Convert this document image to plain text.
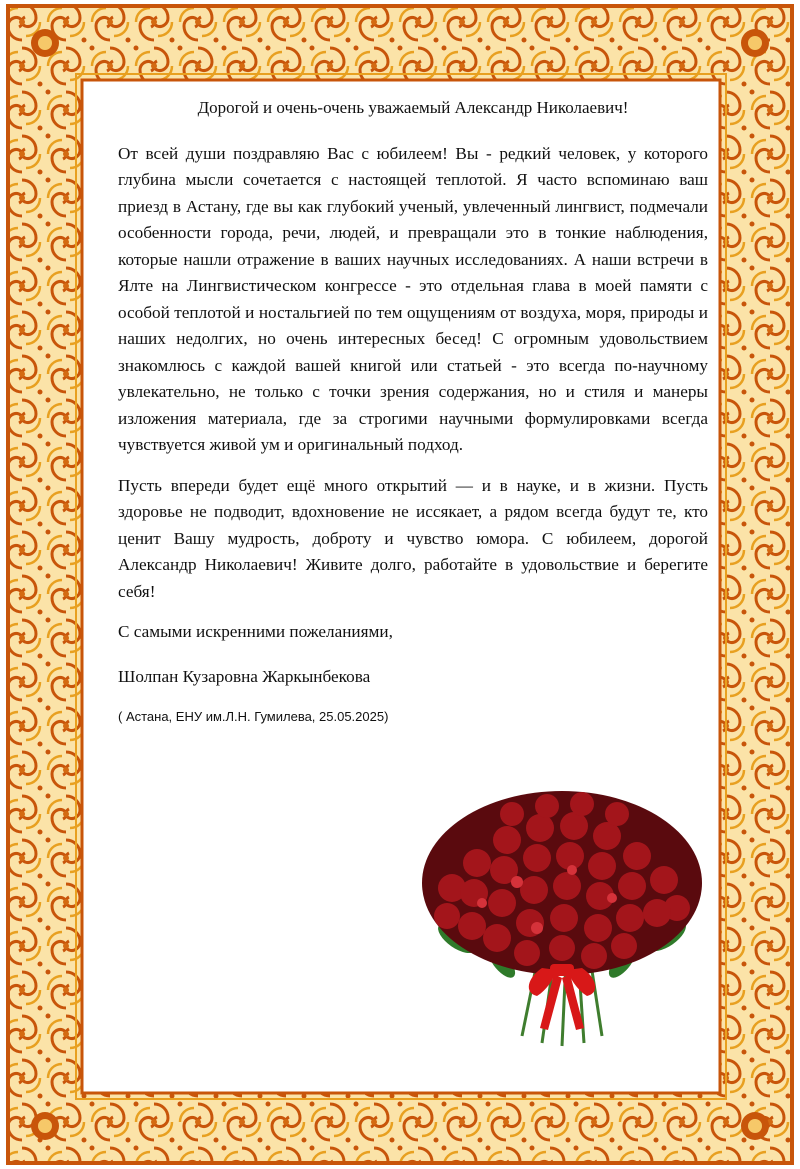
Дорогой и очень-очень уважаемый Александр Николаевич!

От всей души поздравляю Вас с юбилеем! Вы - редкий человек, у которого глубина мысли сочетается с настоящей теплотой. Я часто вспоминаю ваш приезд в Астану, где вы как глубокий ученый, увлеченный лингвист, подмечали особенности города, речи, людей, и превращали это в тонкие наблюдения, которые нашли отражение в ваших научных исследованиях. А наши встречи в Ялте на Лингвистическом конгрессе - это отдельная глава в моей памяти с особой теплотой и ностальгией по тем ощущениям от воздуха, моря, природы и наших недолгих, но очень интересных бесед! С огромным удовольствием знакомлюсь с каждой вашей книгой или статьей - это всегда по-научному увлекательно, не только с точки зрения содержания, но и стиля и манеры изложения материала, где за строгими научными формулировками всегда чувствуется живой ум и оригинальный подход.

Пусть впереди будет ещё много открытий — и в науке, и в жизни. Пусть здоровье не подводит, вдохновение не иссякает, а рядом всегда будут те, кто ценит Вашу мудрость, доброту и чувство юмора. С юбилеем, дорогой Александр Николаевич! Живите долго, работайте в удовольствие и берегите себя!

С самыми искренними пожеланиями,

Шолпан Кузаровна Жаркынбекова

( Астана, ЕНУ им.Л.Н. Гумилева, 25.05.2025)
